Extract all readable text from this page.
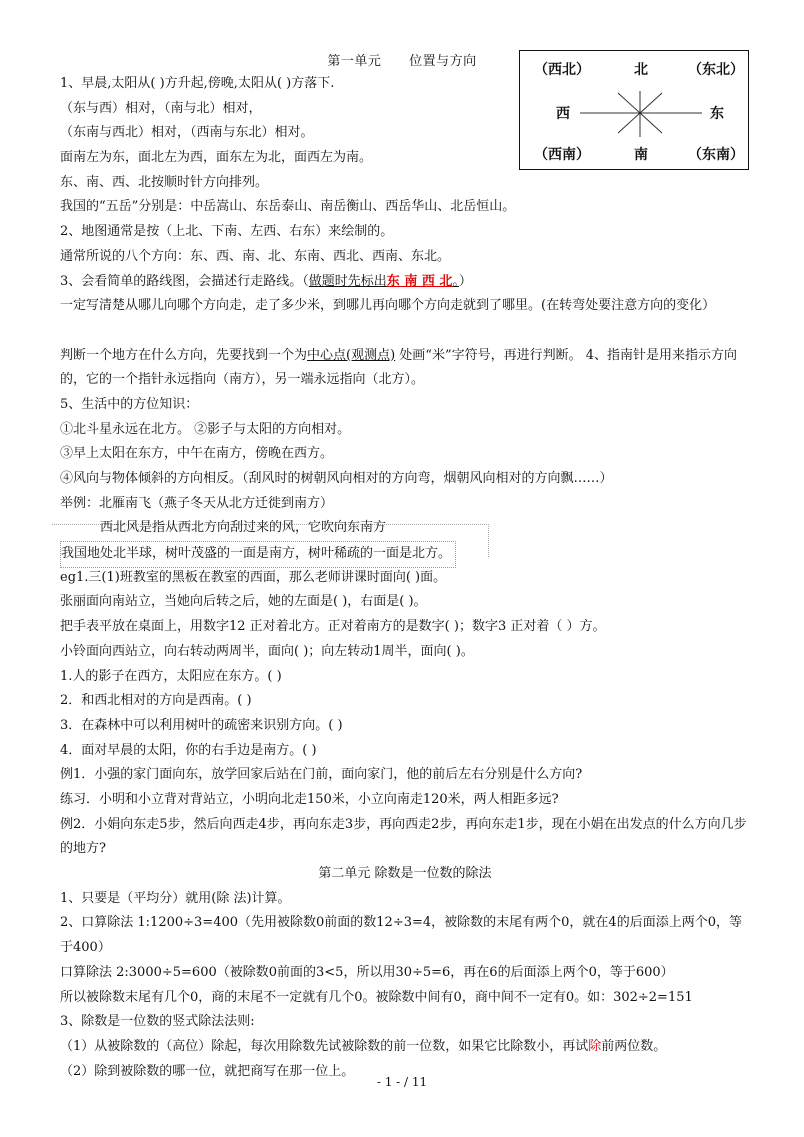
第一单元 位置与方向
（西北）	北	（东北）
西	东
（西南）	南	（东南）
1、早晨,太阳从( )方升起,傍晚,太阳从( )方落下.
（东与西）相对，（南与北）相对，
（东南与西北）相对，（西南与东北）相对。
面南左为东，面北左为西，面东左为北，面西左为南。
东、南、西、北按顺时针方向排列。
我国的“五岳”分别是：中岳嵩山、东岳泰山、南岳衡山、西岳华山、北岳恒山。
2、地图通常是按（上北、下南、左西、右东）来绘制的。
通常所说的八个方向：东、西、南、北、东南、西北、西南、东北。
3、会看简单的路线图，会描述行走路线。（做题时先标出东 南 西 北。）
一定写清楚从哪儿向哪个方向走，走了多少米，到哪儿再向哪个方向走就到了哪里。(在转弯处要注意方向的变化）
判断一个地方在什么方向，先要找到一个为中心点(观测点) 处画“米”字符号，再进行判断。 4、指南针是用来指示方向的，它的一个指针永远指向（南方），另一端永远指向（北方）。
5、生活中的方位知识：
①北斗星永远在北方。 ②影子与太阳的方向相对。
③早上太阳在东方，中午在南方，傍晚在西方。
④风向与物体倾斜的方向相反。（刮风时的树朝风向相对的方向弯，烟朝风向相对的方向飘……）
举例：北雁南飞（燕子冬天从北方迁徙到南方）
西北风是指从西北方向刮过来的风，它吹向东南方
我国地处北半球，树叶茂盛的一面是南方，树叶稀疏的一面是北方。
eg1.三(1)班教室的黑板在教室的西面，那么老师讲课时面向( )面。
张丽面向南站立，当她向后转之后，她的左面是( )，右面是( )。
把手表平放在桌面上，用数字12 正对着北方。正对着南方的是数字( )；数字3 正对着（ ）方。
小铃面向西站立，向右转动两周半，面向( )；向左转动1周半，面向( )。
1.人的影子在西方，太阳应在东方。( )
2．和西北相对的方向是西南。( )
3．在森林中可以利用树叶的疏密来识别方向。( )
4．面对早晨的太阳，你的右手边是南方。( )
例1．小强的家门面向东，放学回家后站在门前，面向家门，他的前后左右分别是什么方向?
练习．小明和小立背对背站立，小明向北走150米，小立向南走120米，两人相距多远?
例2．小娟向东走5步，然后向西走4步，再向东走3步，再向西走2步，再向东走1步，现在小娟在出发点的什么方向几步的地方?
第二单元 除数是一位数的除法
1、只要是（平均分）就用(除 法)计算。
2、口算除法 1:1200÷3=400（先用被除数0前面的数12÷3=4，被除数的末尾有两个0，就在4的后面添上两个0，等于400）
口算除法 2:3000÷5=600（被除数0前面的3<5，所以用30÷5=6，再在6的后面添上两个0，等于600）
所以被除数末尾有几个0，商的末尾不一定就有几个0。被除数中间有0，商中间不一定有0。如：302÷2=151
3、除数是一位数的竖式除法法则:
（1）从被除数的（高位）除起，每次用除数先试被除数的前一位数，如果它比除数小，再试除前两位数。
（2）除到被除数的哪一位，就把商写在那一位上。
- 1 - / 11
